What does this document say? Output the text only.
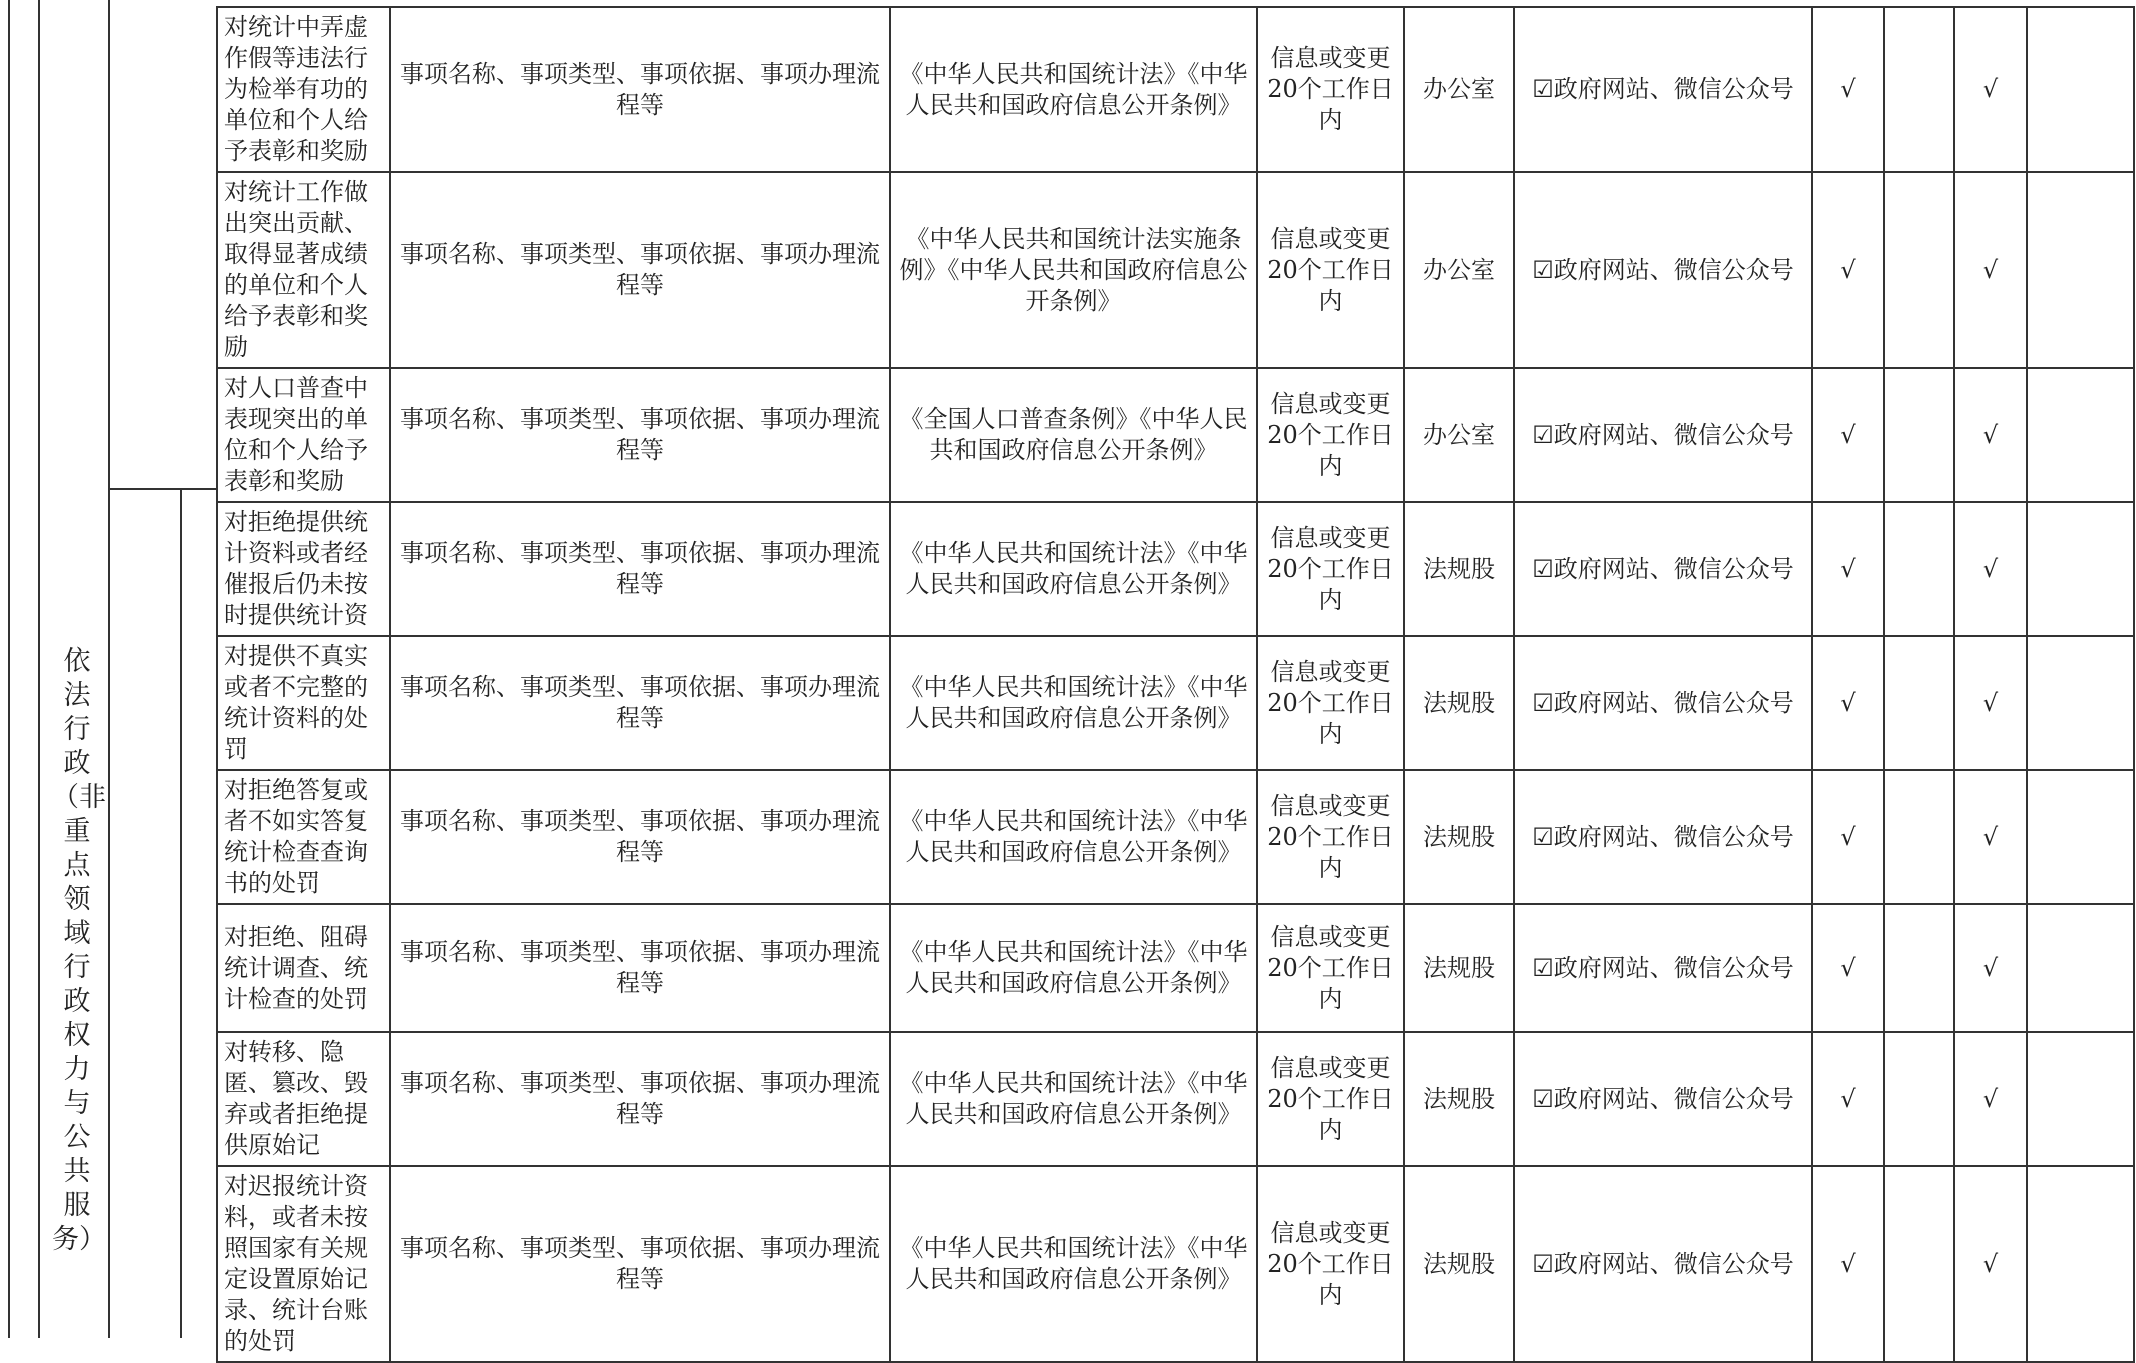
依法行政（非重点领域行政权力与公共服务）
对统计中弄虚作假等违法行为检举有功的单位和个人给予表彰和奖励	事项名称、事项类型、事项依据、事项办理流程等	《中华人民共和国统计法》《中华人民共和国政府信息公开条例》	信息或变更20个工作日内	办公室	☑政府网站、微信公众号	√		√	
对统计工作做出突出贡献、取得显著成绩的单位和个人给予表彰和奖励	事项名称、事项类型、事项依据、事项办理流程等	《中华人民共和国统计法实施条例》《中华人民共和国政府信息公开条例》	信息或变更20个工作日内	办公室	☑政府网站、微信公众号	√		√	
对人口普查中表现突出的单位和个人给予表彰和奖励	事项名称、事项类型、事项依据、事项办理流程等	《全国人口普查条例》《中华人民共和国政府信息公开条例》	信息或变更20个工作日内	办公室	☑政府网站、微信公众号	√		√	
对拒绝提供统计资料或者经催报后仍未按时提供统计资	事项名称、事项类型、事项依据、事项办理流程等	《中华人民共和国统计法》《中华人民共和国政府信息公开条例》	信息或变更20个工作日内	法规股	☑政府网站、微信公众号	√		√	
对提供不真实或者不完整的统计资料的处罚	事项名称、事项类型、事项依据、事项办理流程等	《中华人民共和国统计法》《中华人民共和国政府信息公开条例》	信息或变更20个工作日内	法规股	☑政府网站、微信公众号	√		√	
对拒绝答复或者不如实答复统计检查查询书的处罚	事项名称、事项类型、事项依据、事项办理流程等	《中华人民共和国统计法》《中华人民共和国政府信息公开条例》	信息或变更20个工作日内	法规股	☑政府网站、微信公众号	√		√	
对拒绝、阻碍统计调查、统计检查的处罚	事项名称、事项类型、事项依据、事项办理流程等	《中华人民共和国统计法》《中华人民共和国政府信息公开条例》	信息或变更20个工作日内	法规股	☑政府网站、微信公众号	√		√	
对转移、隐匿、篡改、毁弃或者拒绝提供原始记	事项名称、事项类型、事项依据、事项办理流程等	《中华人民共和国统计法》《中华人民共和国政府信息公开条例》	信息或变更20个工作日内	法规股	☑政府网站、微信公众号	√		√	
对迟报统计资料，或者未按照国家有关规定设置原始记录、统计台账的处罚	事项名称、事项类型、事项依据、事项办理流程等	《中华人民共和国统计法》《中华人民共和国政府信息公开条例》	信息或变更20个工作日内	法规股	☑政府网站、微信公众号	√		√	
